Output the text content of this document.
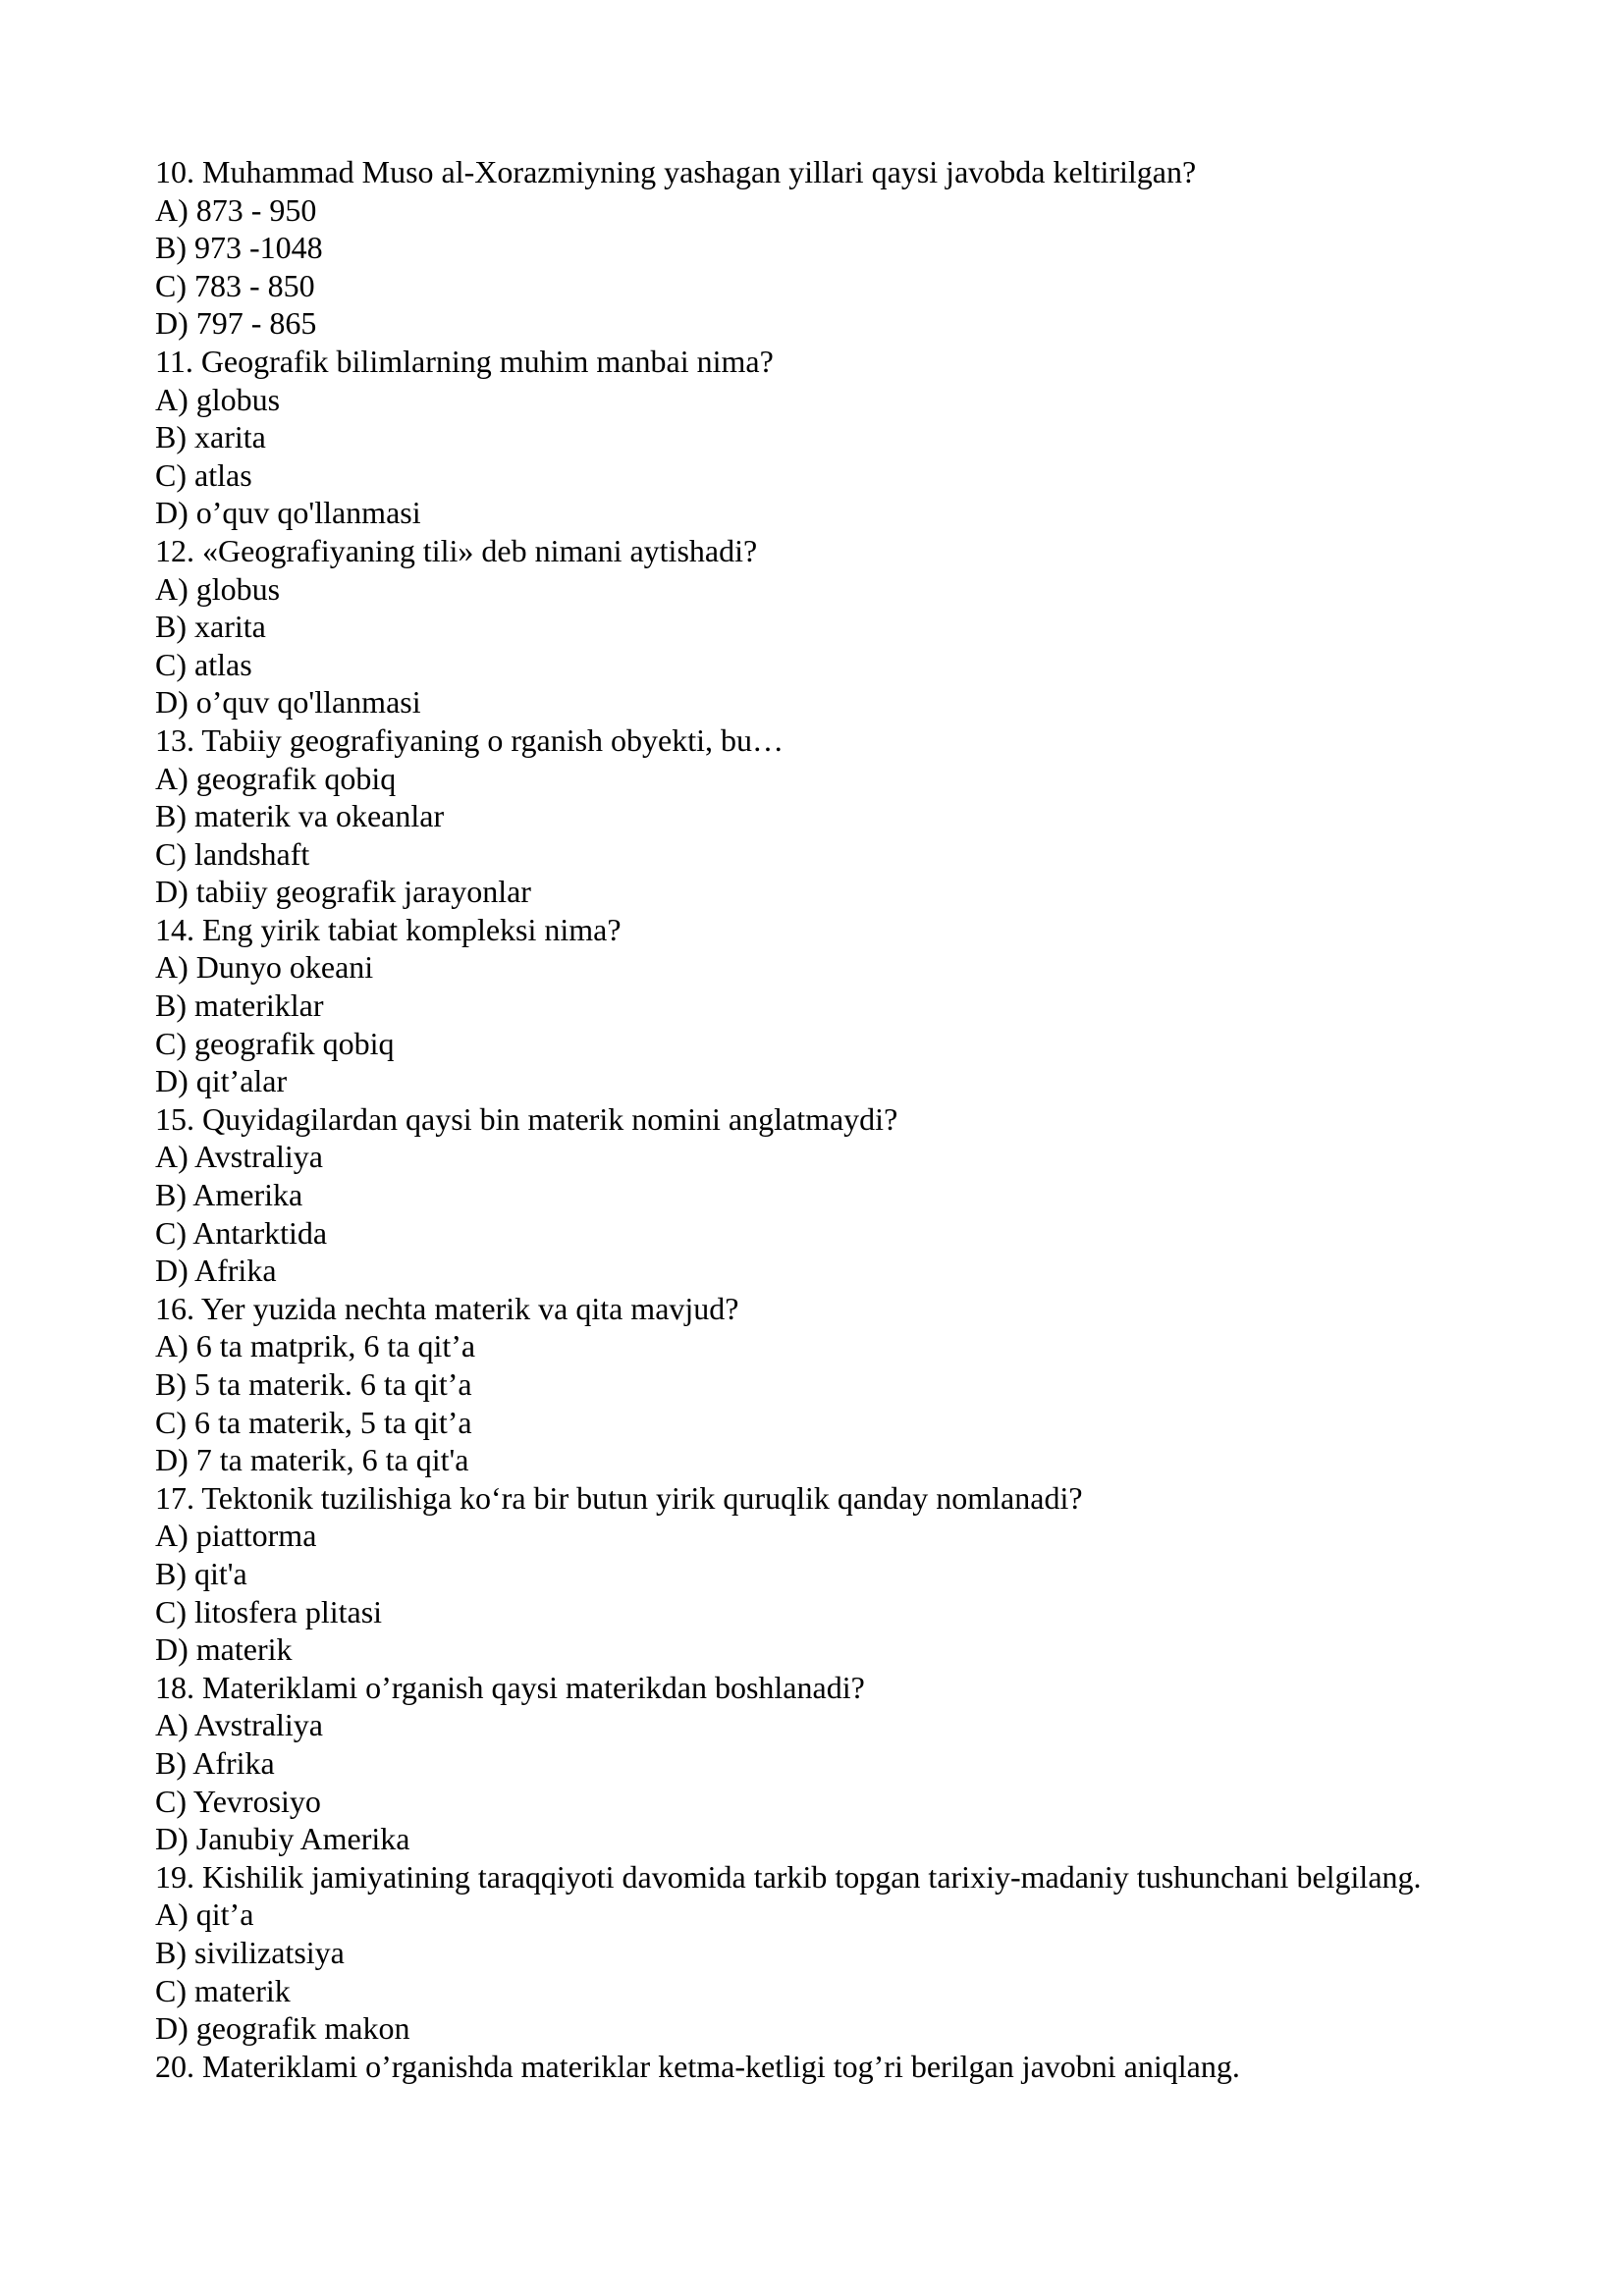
10. Muhammad Muso al-Xorazmiyning yashagan yillari qaysi javobda keltirilgan?
A) 873 - 950
B) 973 -1048
C) 783 - 850
D) 797 - 865
11. Geografik bilimlarning muhim manbai nima?
A) globus
B) xarita
C) atlas
D) o’quv qo'llanmasi
12. «Geografiyaning tili» deb nimani aytishadi?
A) globus
B) xarita
C) atlas
D) o’quv qo'llanmasi
13. Tabiiy geografiyaning o rganish obyekti, bu…
A) geografik qobiq
B) materik va okeanlar
C) landshaft
D) tabiiy geografik jarayonlar
14. Eng yirik tabiat kompleksi nima?
A) Dunyo okeani
B) materiklar
C) geografik qobiq
D) qit’alar
15. Quyidagilardan qaysi bin materik nomini anglatmaydi?
A) Avstraliya
B) Amerika
C) Antarktida
D) Afrika
16. Yer yuzida nechta materik va qita mavjud?
A) 6 ta matprik, 6 ta qit’a
B) 5 ta materik. 6 ta qit’a
C) 6 ta materik, 5 ta qit’a
D) 7 ta materik, 6 ta qit'a
17. Tektonik tuzilishiga ko‘ra bir butun yirik quruqlik qanday nomlanadi?
A) piattorma
B) qit'a
C) litosfera plitasi
D) materik
18. Materiklami o’rganish qaysi materikdan boshlanadi?
A) Avstraliya
B) Afrika
C) Yevrosiyo
D) Janubiy Amerika
19. Kishilik jamiyatining taraqqiyoti davomida tarkib topgan tarixiy-madaniy tushunchani belgilang.
A) qit’a
B) sivilizatsiya
C) materik
D) geografik makon
20. Materiklami o’rganishda materiklar ketma-ketligi tog’ri berilgan javobni aniqlang.
